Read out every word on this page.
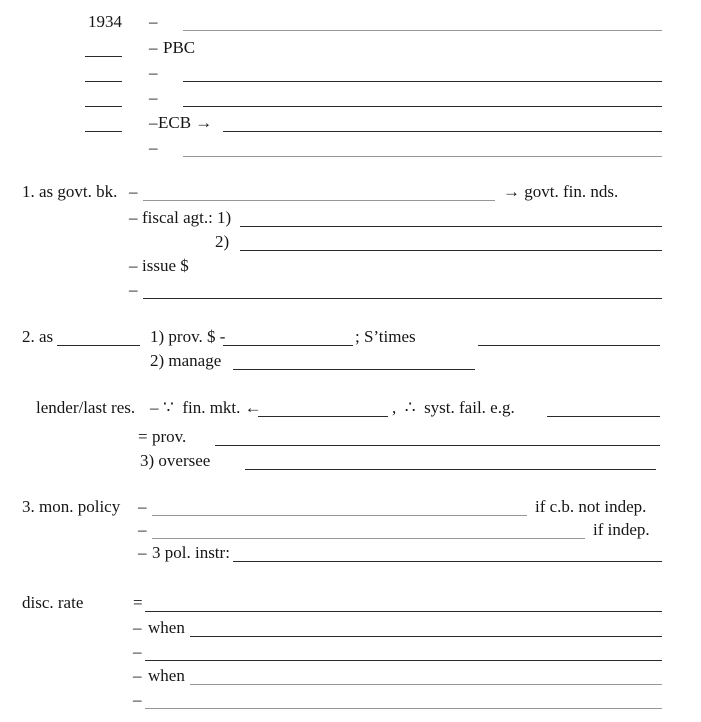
1934 –
– PBC
–
–
– ECB →
–
1. as govt. bk. –	→ govt. fin. nds.
– fiscal agt.: 1)
2)
– issue $
–
2. as	1) prov. $ -	; S’times
2) manage
lender/last res. – ∵  fin. mkt. ←	,  ∴  syst. fail. e.g.
= prov.
3) oversee
3. mon. policy –	if c.b. not indep.
–	if indep.
– 3 pol. instr:
disc. rate	=
– when
–
– when
–
